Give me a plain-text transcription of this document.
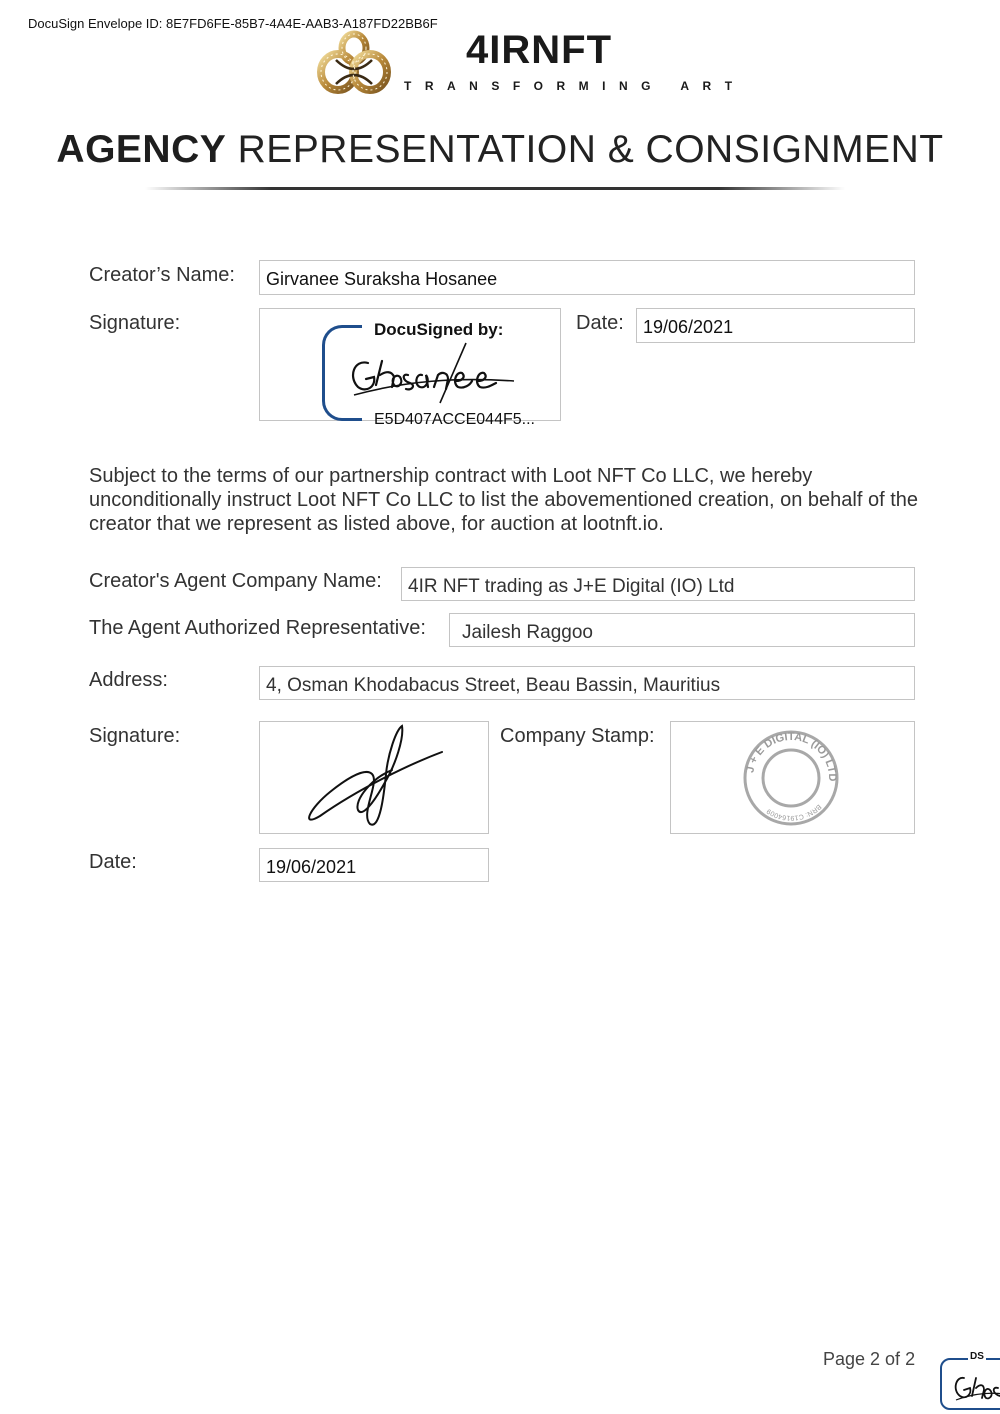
DocuSign Envelope ID: 8E7FD6FE-85B7-4A4E-AAB3-A187FD22BB6F
4IRNFT
TRANSFORMING ART
AGENCY REPRESENTATION & CONSIGNMENT
Creator’s Name: Girvanee Suraksha Hosanee
Signature:	DocuSigned by:
E5D407ACCE044F5...
Date: 19/06/2021
Subject to the terms of our partnership contract with Loot NFT Co LLC, we hereby unconditionally instruct Loot NFT Co LLC to list the abovementioned creation, on behalf of the creator that we represent as listed above, for auction at lootnft.io.
Creator's Agent Company Name: 4IR NFT trading as J+E Digital (IO) Ltd
The Agent Authorized Representative: Jailesh Raggoo
Address:	4, Osman Khodabacus Street, Beau Bassin, Mauritius
Signature:	Company Stamp:
J + E DIGITAL (IO) LTD
BRN: C19164009
Date:	19/06/2021
Page 2 of 2	DS
